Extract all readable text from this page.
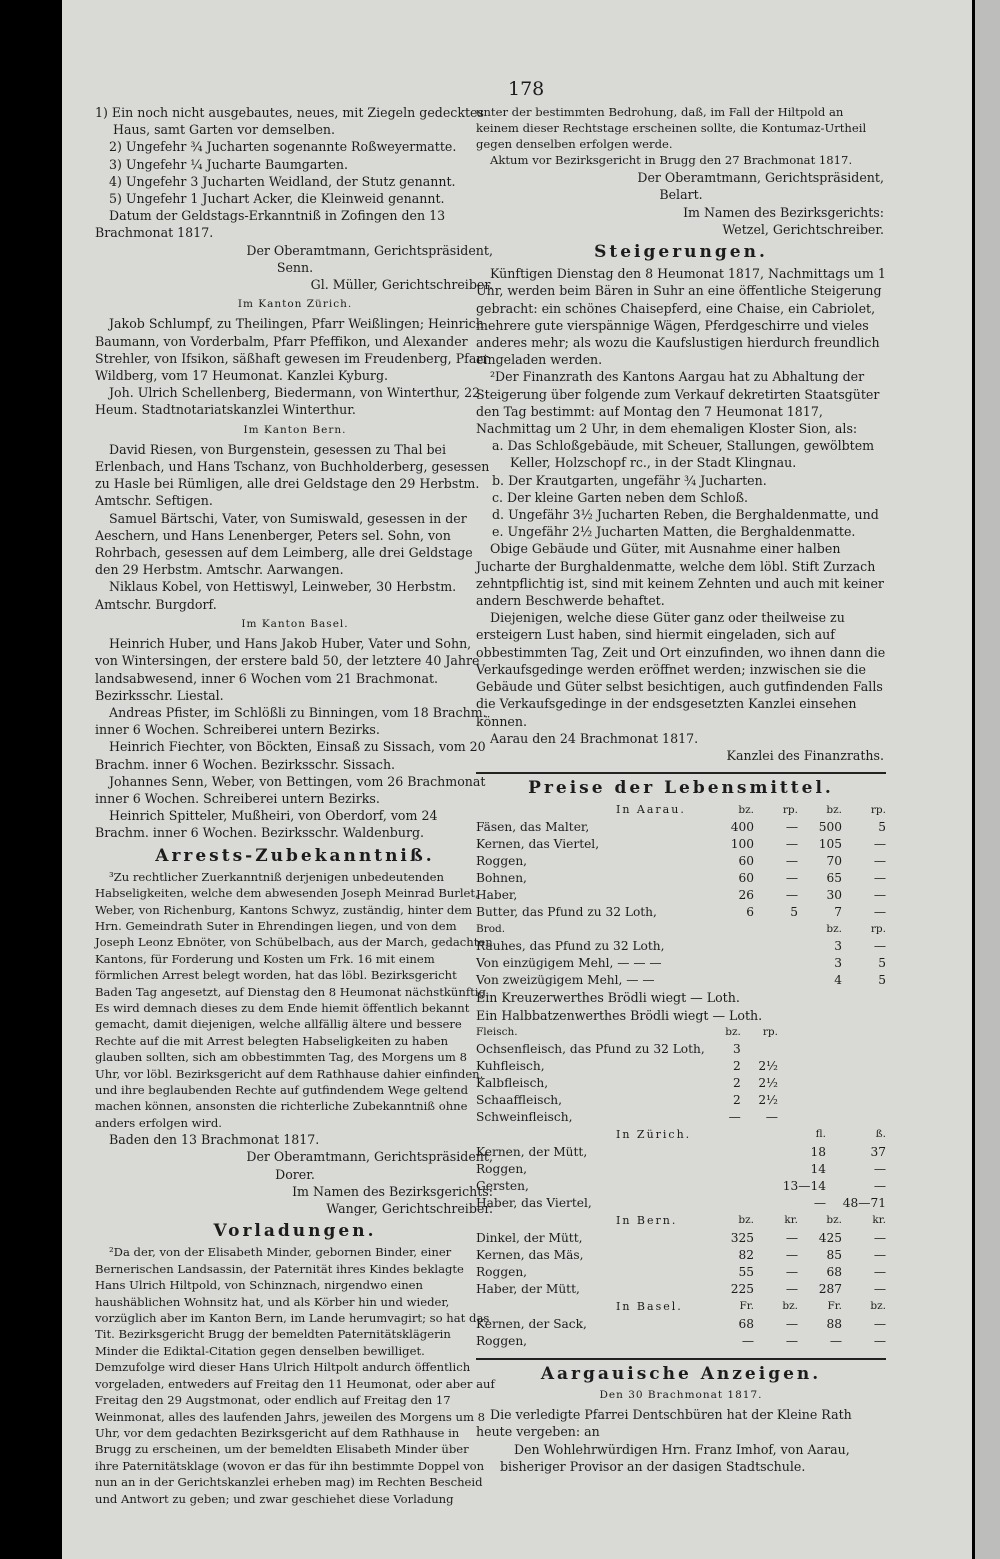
178

1) Ein noch nicht ausgebautes, neues, mit Ziegeln gedecktes Haus, samt Garten vor demselben.

2) Ungefehr ¾ Jucharten sogenannte Roßweyermatte.

3) Ungefehr ¼ Jucharte Baumgarten.

4) Ungefehr 3 Jucharten Weidland, der Stutz genannt.

5) Ungefehr 1 Juchart Acker, die Kleinweid genannt.

Datum der Geldstags-Erkanntniß in Zofingen den 13 Brachmonat 1817.

Der Oberamtmann, Gerichtspräsident,

Senn.

Gl. Müller, Gerichtschreiber.

Im Kanton Zürich.

Jakob Schlumpf, zu Theilingen, Pfarr Weißlingen; Heinrich Baumann, von Vorderbalm, Pfarr Pfeffikon, und Alexander Strehler, von Ifsikon, säßhaft gewesen im Freudenberg, Pfarr Wildberg, vom 17 Heumonat. Kanzlei Kyburg.

Joh. Ulrich Schellenberg, Biedermann, von Winterthur, 22 Heum. Stadtnotariatskanzlei Winterthur.

Im Kanton Bern.

David Riesen, von Burgenstein, gesessen zu Thal bei Erlenbach, und Hans Tschanz, von Buchholderberg, gesessen zu Hasle bei Rümligen, alle drei Geldstage den 29 Herbstm. Amtschr. Seftigen.

Samuel Bärtschi, Vater, von Sumiswald, gesessen in der Aeschern, und Hans Lenenberger, Peters sel. Sohn, von Rohrbach, gesessen auf dem Leimberg, alle drei Geldstage den 29 Herbstm. Amtschr. Aarwangen.

Niklaus Kobel, von Hettiswyl, Leinweber, 30 Herbstm. Amtschr. Burgdorf.

Im Kanton Basel.

Heinrich Huber, und Hans Jakob Huber, Vater und Sohn, von Wintersingen, der erstere bald 50, der letztere 40 Jahre landsabwesend, inner 6 Wochen vom 21 Brachmonat. Bezirksschr. Liestal.

Andreas Pfister, im Schlößli zu Binningen, vom 18 Brachm. inner 6 Wochen. Schreiberei untern Bezirks.

Heinrich Fiechter, von Böckten, Einsaß zu Sissach, vom 20 Brachm. inner 6 Wochen. Bezirksschr. Sissach.

Johannes Senn, Weber, von Bettingen, vom 26 Brachmonat inner 6 Wochen. Schreiberei untern Bezirks.

Heinrich Spitteler, Mußheiri, von Oberdorf, vom 24 Brachm. inner 6 Wochen. Bezirksschr. Waldenburg.

Arrests-Zubekanntniß.

³Zu rechtlicher Zuerkanntniß derjenigen unbedeutenden Habseligkeiten, welche dem abwesenden Joseph Meinrad Burlet, Weber, von Richenburg, Kantons Schwyz, zuständig, hinter dem Hrn. Gemeindrath Suter in Ehrendingen liegen, und von dem Joseph Leonz Ebnöter, von Schübelbach, aus der March, gedachten Kantons, für Forderung und Kosten um Frk. 16 mit einem förmlichen Arrest belegt worden, hat das löbl. Bezirksgericht Baden Tag angesetzt, auf Dienstag den 8 Heumonat nächstkünftig. Es wird demnach dieses zu dem Ende hiemit öffentlich bekannt gemacht, damit diejenigen, welche allfällig ältere und bessere Rechte auf die mit Arrest belegten Habseligkeiten zu haben glauben sollten, sich am obbestimmten Tag, des Morgens um 8 Uhr, vor löbl. Bezirksgericht auf dem Rathhause dahier einfinden, und ihre beglaubenden Rechte auf gutfindendem Wege geltend machen können, ansonsten die richterliche Zubekanntniß ohne anders erfolgen wird.

Baden den 13 Brachmonat 1817.

Der Oberamtmann, Gerichtspräsident,

Dorer.

Im Namen des Bezirksgerichts:

Wanger, Gerichtschreiber.

Vorladungen.

²Da der, von der Elisabeth Minder, gebornen Binder, einer Bernerischen Landsassin, der Paternität ihres Kindes beklagte Hans Ulrich Hiltpold, von Schinznach, nirgendwo einen haushäblichen Wohnsitz hat, und als Körber hin und wieder, vorzüglich aber im Kanton Bern, im Lande herumvagirt; so hat das Tit. Bezirksgericht Brugg der bemeldten Paternitätsklägerin Minder die Ediktal-Citation gegen denselben bewilliget. Demzufolge wird dieser Hans Ulrich Hiltpolt andurch öffentlich vorgeladen, entweders auf Freitag den 11 Heumonat, oder aber auf Freitag den 29 Augstmonat, oder endlich auf Freitag den 17 Weinmonat, alles des laufenden Jahrs, jeweilen des Morgens um 8 Uhr, vor dem gedachten Bezirksgericht auf dem Rathhause in Brugg zu erscheinen, um der bemeldten Elisabeth Minder über ihre Paternitätsklage (wovon er das für ihn bestimmte Doppel von nun an in der Gerichtskanzlei erheben mag) im Rechten Bescheid und Antwort zu geben; und zwar geschiehet diese Vorladung

unter der bestimmten Bedrohung, daß, im Fall der Hiltpold an keinem dieser Rechtstage erscheinen sollte, die Kontumaz-Urtheil gegen denselben erfolgen werde.

Aktum vor Bezirksgericht in Brugg den 27 Brachmonat 1817.

Der Oberamtmann, Gerichtspräsident,

Belart.

Im Namen des Bezirksgerichts:

Wetzel, Gerichtschreiber.

Steigerungen.

Künftigen Dienstag den 8 Heumonat 1817, Nachmittags um 1 Uhr, werden beim Bären in Suhr an eine öffentliche Steigerung gebracht: ein schönes Chaisepferd, eine Chaise, ein Cabriolet, mehrere gute vierspännige Wägen, Pferdgeschirre und vieles anderes mehr; als wozu die Kaufslustigen hierdurch freundlich eingeladen werden.

²Der Finanzrath des Kantons Aargau hat zu Abhaltung der Steigerung über folgende zum Verkauf dekretirten Staatsgüter den Tag bestimmt: auf Montag den 7 Heumonat 1817, Nachmittag um 2 Uhr, in dem ehemaligen Kloster Sion, als:

a. Das Schloßgebäude, mit Scheuer, Stallungen, gewölbtem Keller, Holzschopf rc., in der Stadt Klingnau.

b. Der Krautgarten, ungefähr ¾ Jucharten.

c. Der kleine Garten neben dem Schloß.

d. Ungefähr 3½ Jucharten Reben, die Berghaldenmatte, und

e. Ungefähr 2½ Jucharten Matten, die Berghaldenmatte.

Obige Gebäude und Güter, mit Ausnahme einer halben Jucharte der Burghaldenmatte, welche dem löbl. Stift Zurzach zehntpflichtig ist, sind mit keinem Zehnten und auch mit keiner andern Beschwerde behaftet.

Diejenigen, welche diese Güter ganz oder theilweise zu ersteigern Lust haben, sind hiermit eingeladen, sich auf obbestimmten Tag, Zeit und Ort einzufinden, wo ihnen dann die Verkaufsgedinge werden eröffnet werden; inzwischen sie die Gebäude und Güter selbst besichtigen, auch gutfindenden Falls die Verkaufsgedinge in der endsgesetzten Kanzlei einsehen können.

Aarau den 24 Brachmonat 1817.

Kanzlei des Finanzraths.

Preise der Lebensmittel.

In Aarau.	bz.	rp.	bz.	rp.
Fäsen, das Malter,	400	—	500	5
Kernen, das Viertel,	100	—	105	—
Roggen,	60	—	70	—
Bohnen,	60	—	65	—
Haber,	26	—	30	—
Butter, das Pfund zu 32 Loth,	6	5	7	—
Brod.	bz.	rp.
Rauhes, das Pfund zu 32 Loth,	3	—
Von einzügigem Mehl, — — —	3	5
Von zweizügigem Mehl, — —	4	5

Ein Kreuzerwerthes Brödli wiegt — Loth.

Ein Halbbatzenwerthes Brödli wiegt — Loth.

Fleisch.	bz.	rp.	
Ochsenfleisch, das Pfund zu 32 Loth,	3		
Kuhfleisch,	2	2½	
Kalbfleisch,	2	2½	
Schaaffleisch,	2	2½	
Schweinfleisch,	—	—	
In Zürich.	fl.	ß.
Kernen, der Mütt,	18	37
Roggen,	14	—
Gersten,	13—14	—
Haber, das Viertel,	—	48—71
In Bern.	bz.	kr.	bz.	kr.
Dinkel, der Mütt,	325	—	425	—
Kernen, das Mäs,	82	—	85	—
Roggen,	55	—	68	—
Haber, der Mütt,	225	—	287	—
In Basel.	Fr.	bz.	Fr.	bz.
Kernen, der Sack,	68	—	88	—
Roggen,	—	—	—	—

Aargauische Anzeigen.

Den 30 Brachmonat 1817.

Die verledigte Pfarrei Dentschbüren hat der Kleine Rath heute vergeben: an

Den Wohlehrwürdigen Hrn. Franz Imhof, von Aarau, bisheriger Provisor an der dasigen Stadtschule.
